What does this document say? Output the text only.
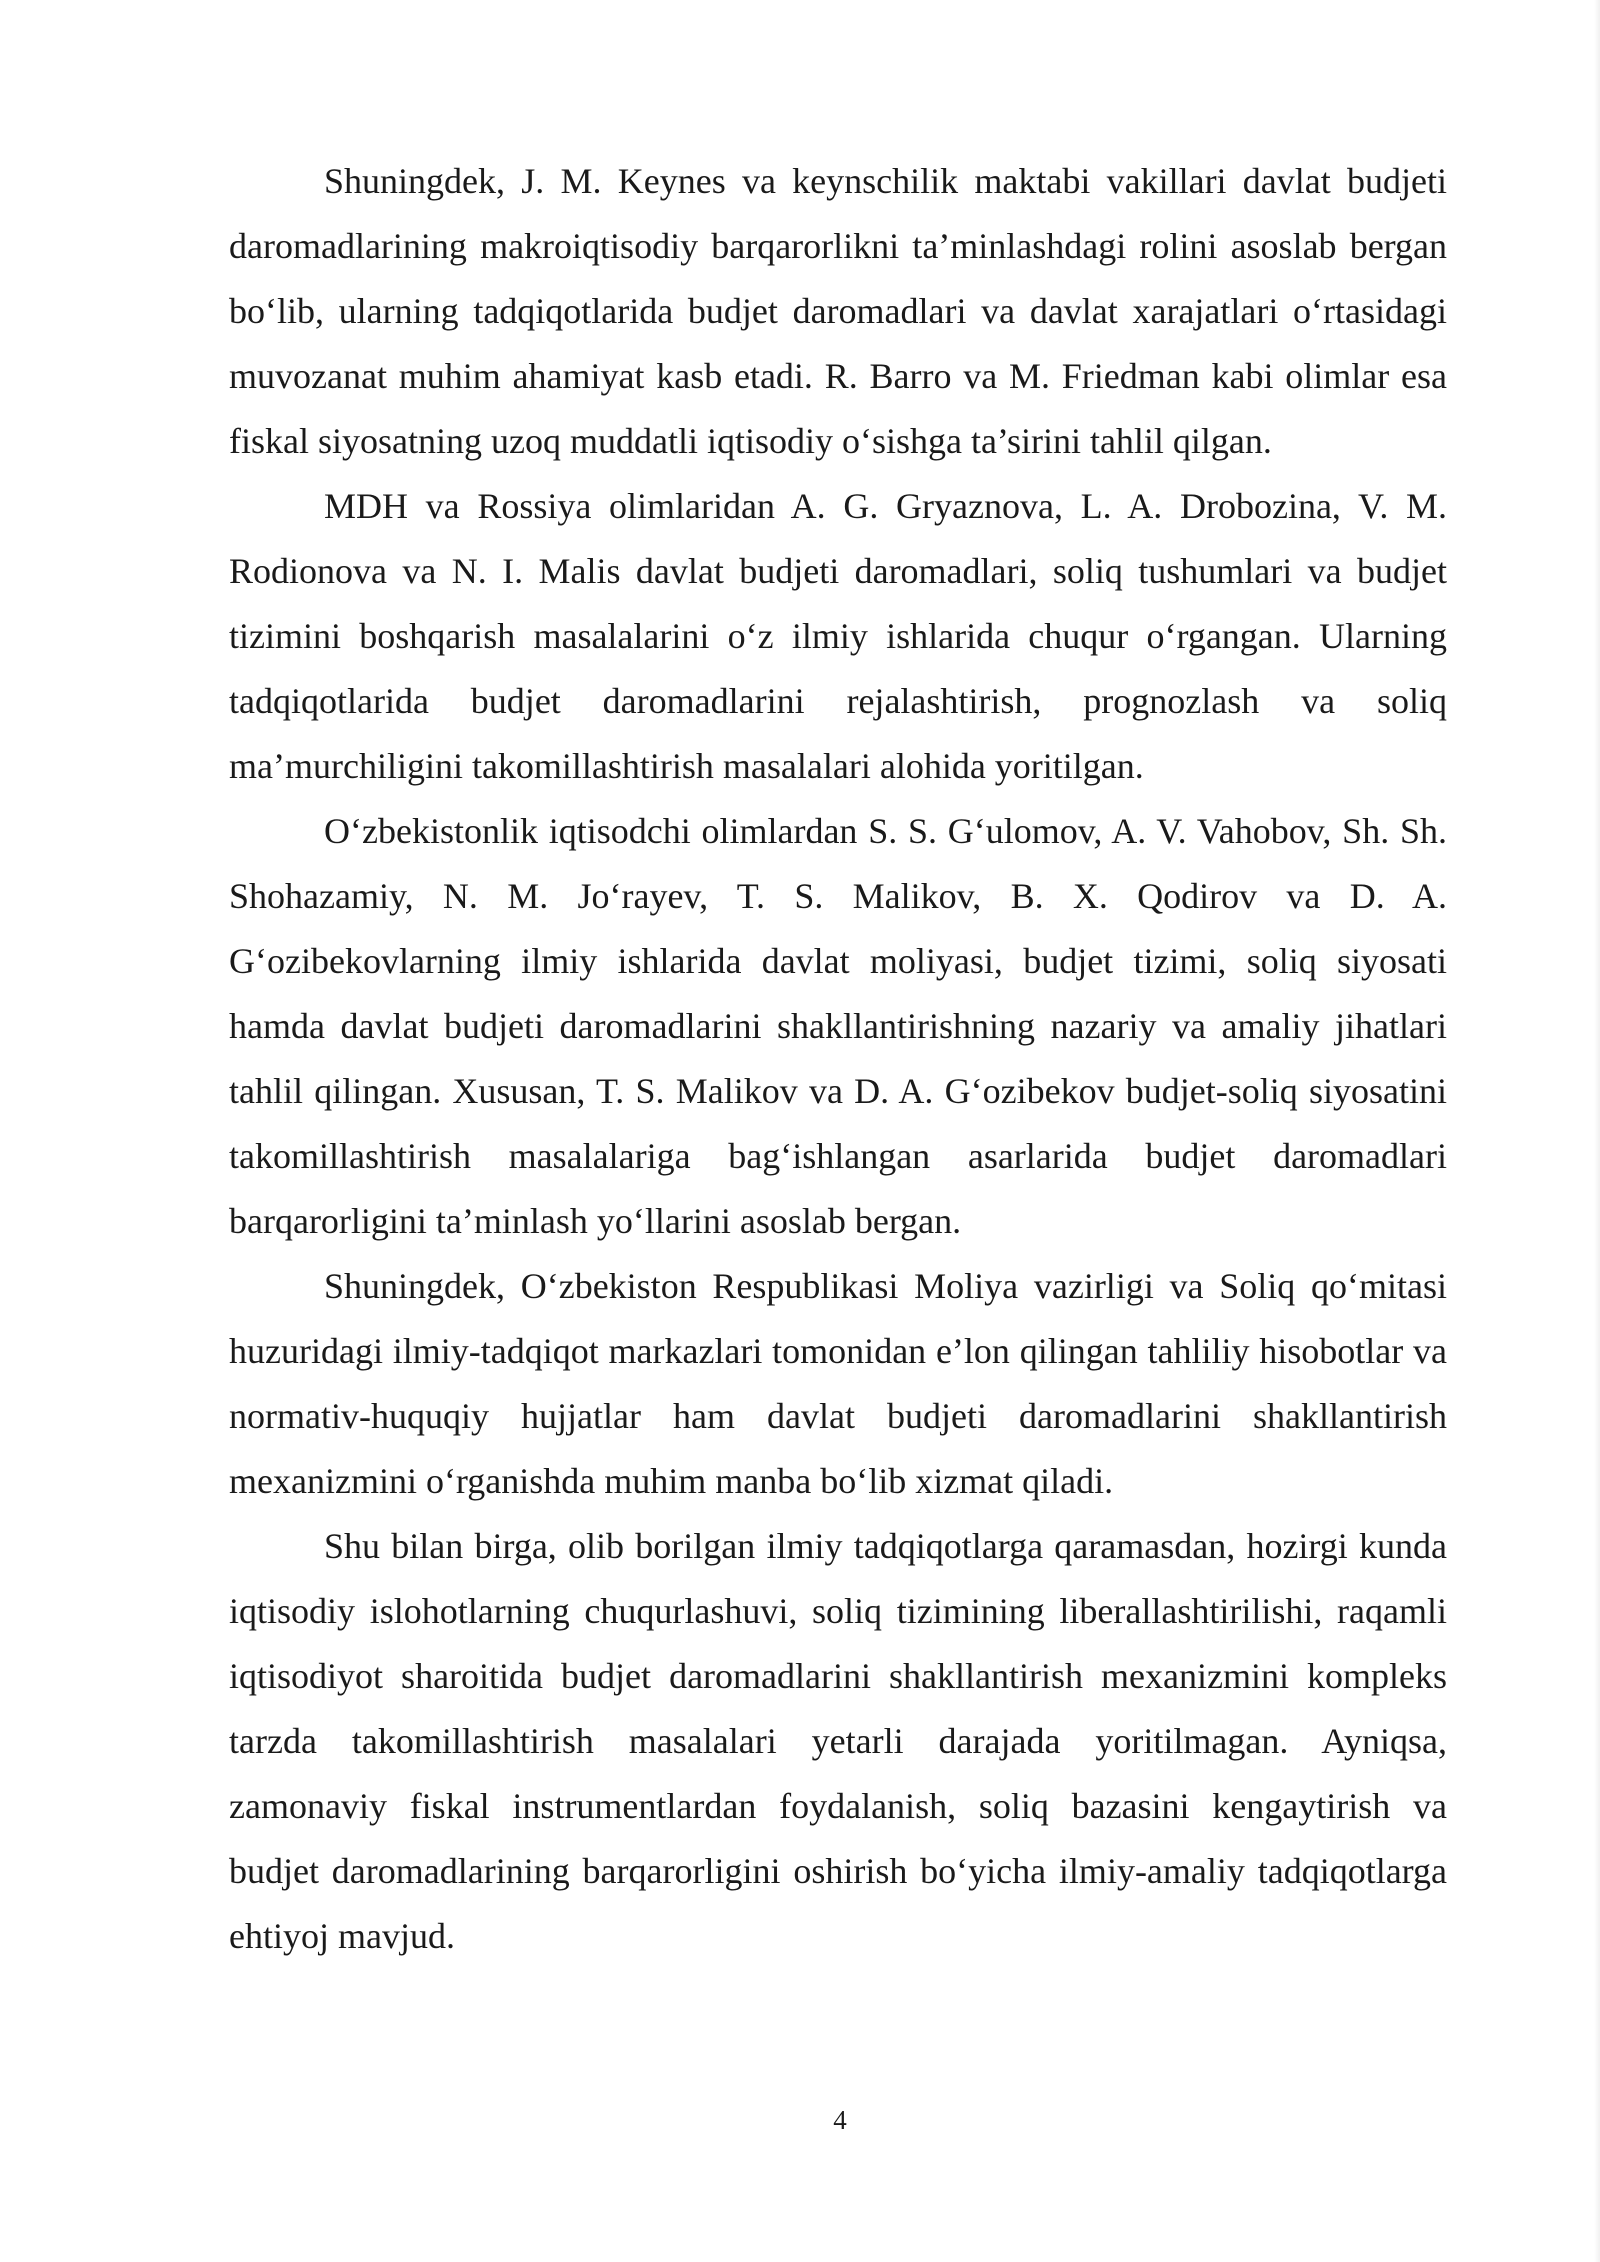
Shuningdek, J. M. Keynes va keynschilik maktabi vakillari davlat budjeti daromadlarining makroiqtisodiy barqarorlikni ta’minlashdagi rolini asoslab bergan bo‘lib, ularning tadqiqotlarida budjet daromadlari va davlat xarajatlari o‘rtasidagi muvozanat muhim ahamiyat kasb etadi. R. Barro va M. Friedman kabi olimlar esa fiskal siyosatning uzoq muddatli iqtisodiy o‘sishga ta’sirini tahlil qilgan.

MDH va Rossiya olimlaridan A. G. Gryaznova, L. A. Drobozina, V. M. Rodionova va N. I. Malis davlat budjeti daromadlari, soliq tushumlari va budjet tizimini boshqarish masalalarini o‘z ilmiy ishlarida chuqur o‘rgangan. Ularning tadqiqotlarida budjet daromadlarini rejalashtirish, prognozlash va soliq ma’murchiligini takomillashtirish masalalari alohida yoritilgan.

O‘zbekistonlik iqtisodchi olimlardan S. S. G‘ulomov, A. V. Vahobov, Sh. Sh. Shohazamiy, N. M. Jo‘rayev, T. S. Malikov, B. X. Qodirov va D. A. G‘ozibekovlarning ilmiy ishlarida davlat moliyasi, budjet tizimi, soliq siyosati hamda davlat budjeti daromadlarini shakllantirishning nazariy va amaliy jihatlari tahlil qilingan. Xususan, T. S. Malikov va D. A. G‘ozibekov budjet-soliq siyosatini takomillashtirish masalalariga bag‘ishlangan asarlarida budjet daromadlari barqarorligini ta’minlash yo‘llarini asoslab bergan.

Shuningdek, O‘zbekiston Respublikasi Moliya vazirligi va Soliq qo‘mitasi huzuridagi ilmiy-tadqiqot markazlari tomonidan e’lon qilingan tahliliy hisobotlar va normativ-huquqiy hujjatlar ham davlat budjeti daromadlarini shakllantirish mexanizmini o‘rganishda muhim manba bo‘lib xizmat qiladi.

Shu bilan birga, olib borilgan ilmiy tadqiqotlarga qaramasdan, hozirgi kunda iqtisodiy islohotlarning chuqurlashuvi, soliq tizimining liberallashtirilishi, raqamli iqtisodiyot sharoitida budjet daromadlarini shakllantirish mexanizmini kompleks tarzda takomillashtirish masalalari yetarli darajada yoritilmagan. Ayniqsa, zamonaviy fiskal instrumentlardan foydalanish, soliq bazasini kengaytirish va budjet daromadlarining barqarorligini oshirish bo‘yicha ilmiy-amaliy tadqiqotlarga ehtiyoj mavjud.

4
